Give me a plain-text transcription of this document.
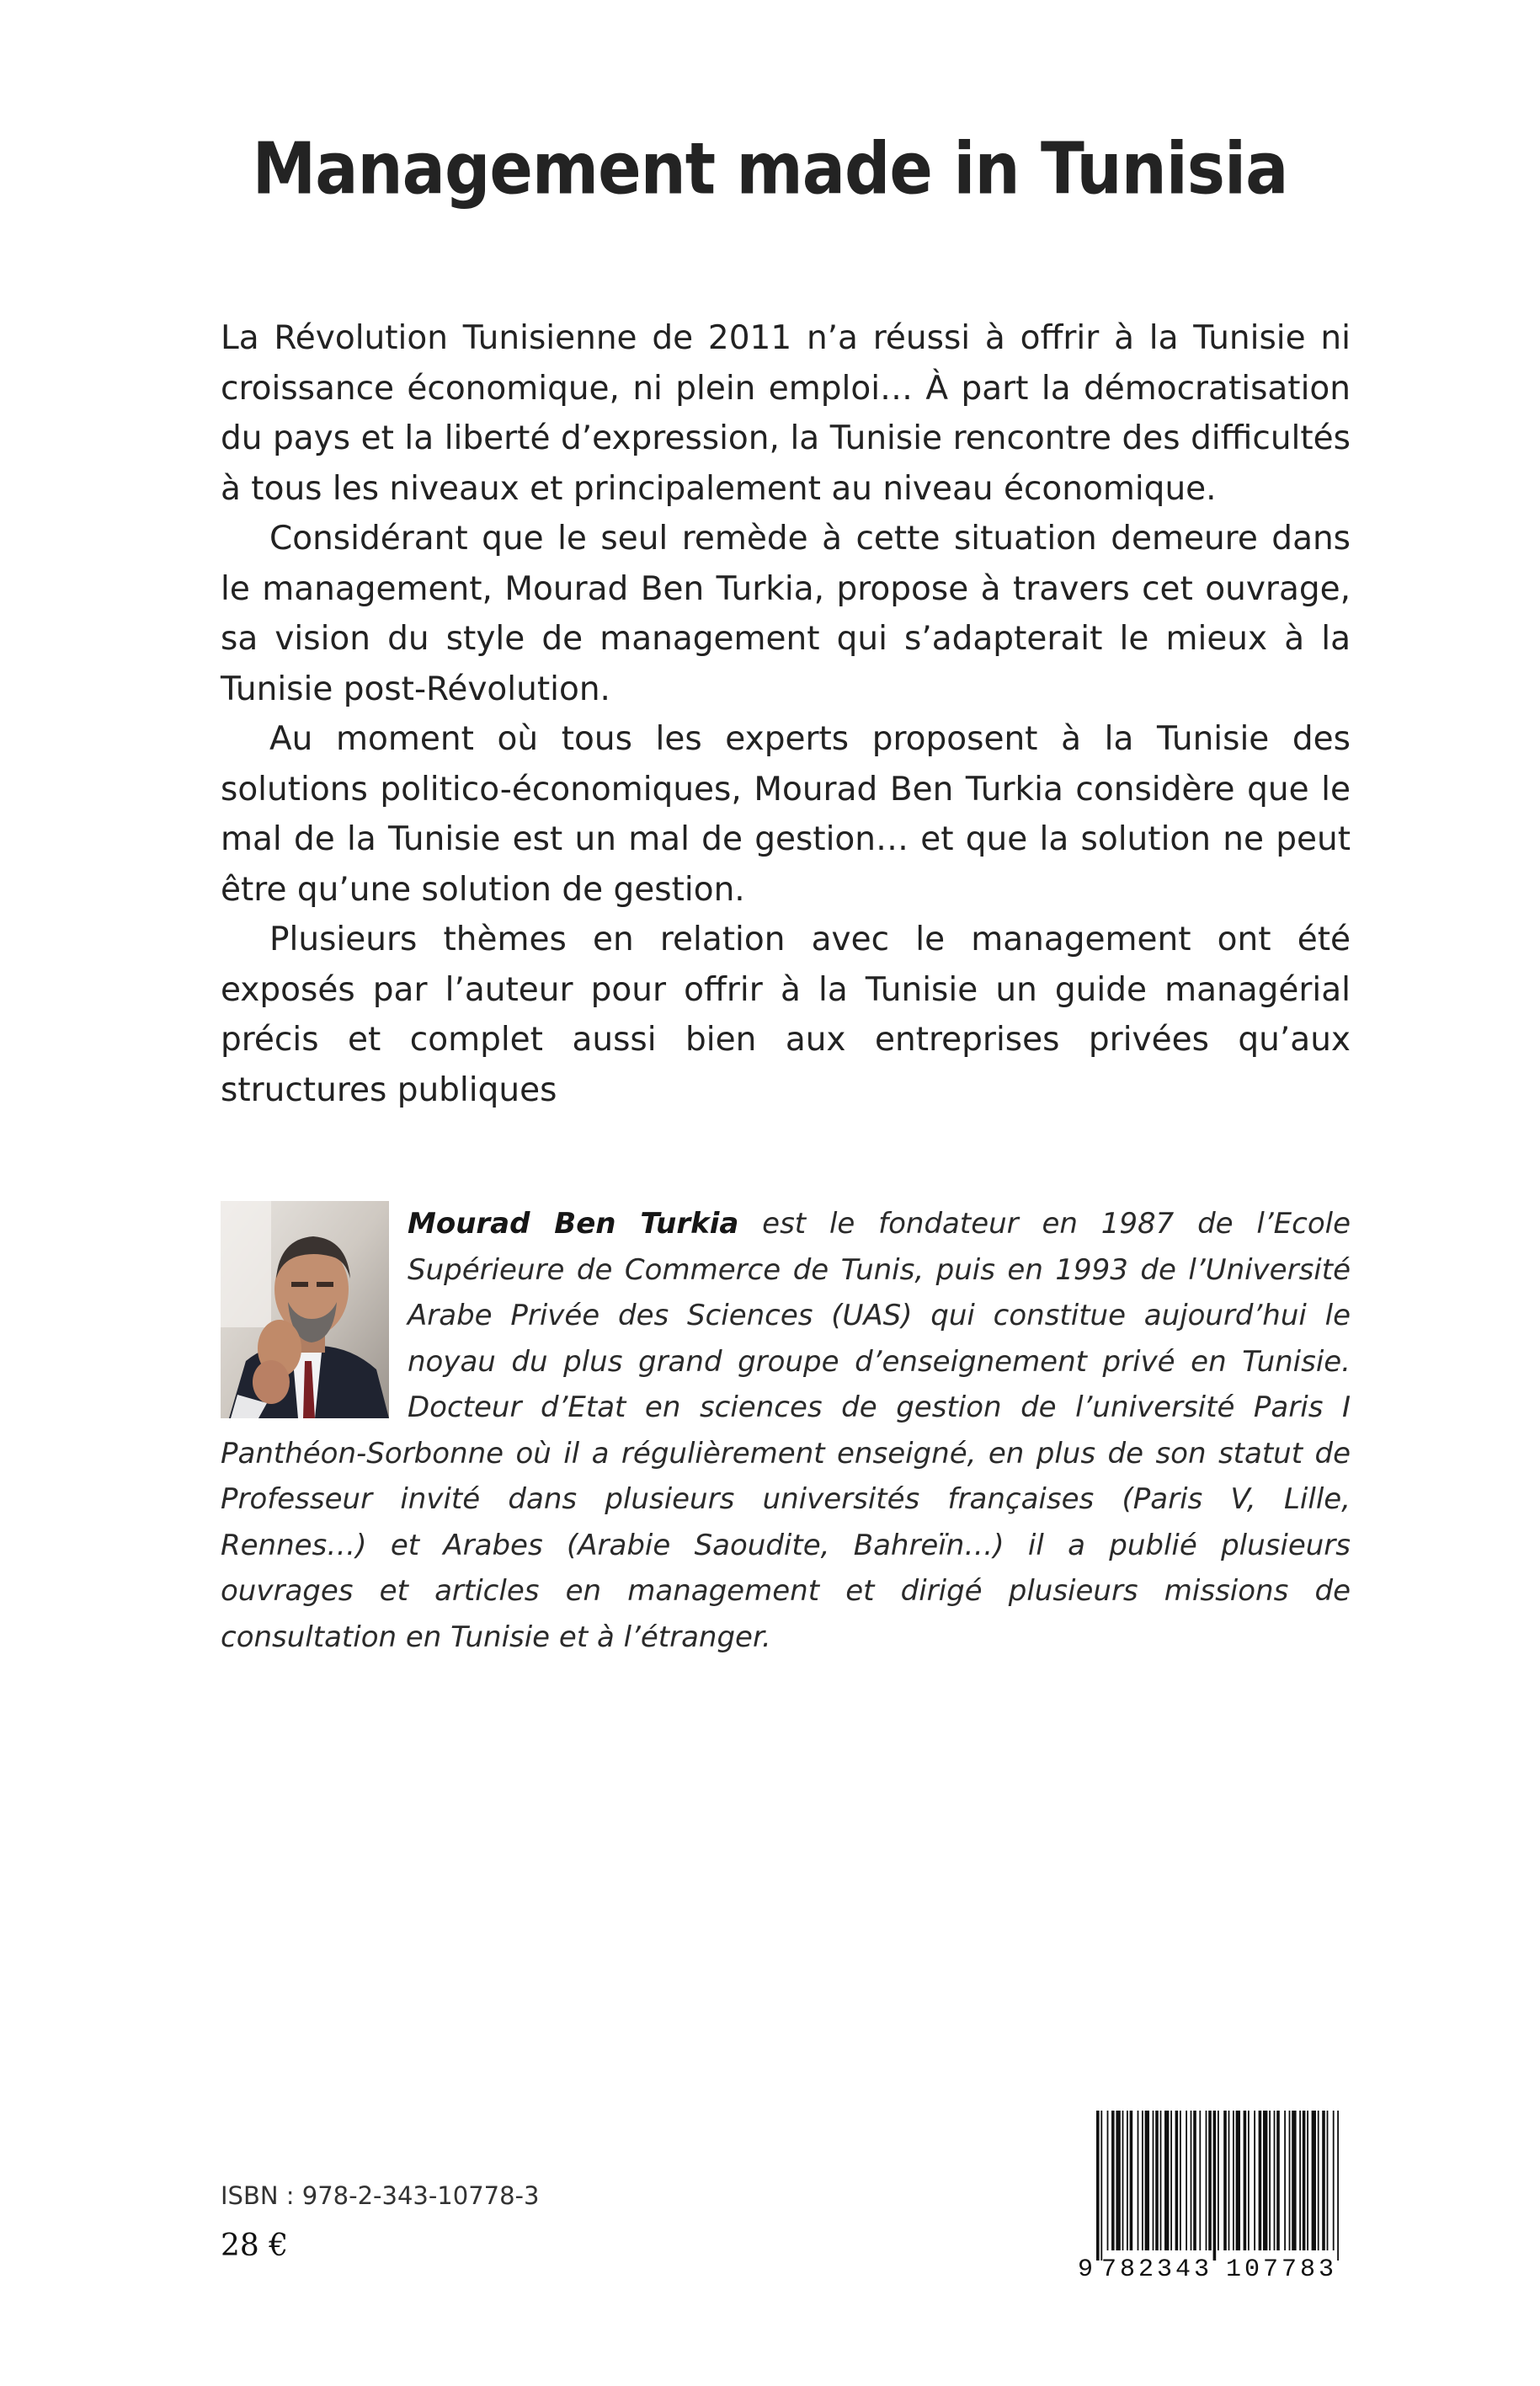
Management made in Tunisia

La Révolution Tunisienne de 2011 n’a réussi à offrir à la Tunisie ni croissance économique, ni plein emploi… À part la démocratisation du pays et la liberté d’expression, la Tunisie rencontre des difficultés à tous les niveaux et principalement au niveau économique.

Considérant que le seul remède à cette situation demeure dans le management, Mourad Ben Turkia, propose à travers cet ouvrage, sa vision du style de management qui s’adapterait le mieux à la Tunisie post-Révolution.

Au moment où tous les experts proposent à la Tunisie des solutions politico-économiques, Mourad Ben Turkia considère que le mal de la Tunisie est un mal de gestion… et que la solution ne peut être qu’une solution de gestion.

Plusieurs thèmes en relation avec le management ont été exposés par l’auteur pour offrir à la Tunisie un guide managérial précis et complet aussi bien aux entreprises privées qu’aux structures publiques

Mourad Ben Turkia est le fondateur en 1987 de l’Ecole Supérieure de Commerce de Tunis, puis en 1993 de l’Université Arabe Privée des Sciences (UAS) qui constitue aujourd’hui le noyau du plus grand groupe d’enseignement privé en Tunisie. Docteur d’Etat en sciences de gestion de l’université Paris I Panthéon-Sorbonne où il a régulièrement enseigné, en plus de son statut de Professeur invité dans plusieurs universités françaises (Paris V, Lille, Rennes…) et Arabes (Arabie Saoudite, Bahreïn…) il a publié plusieurs ouvrages et articles en management et dirigé plusieurs missions de consultation en Tunisie et à l’étranger.

ISBN : 978-2-343-10778-3
28 €
9 782343 107783
